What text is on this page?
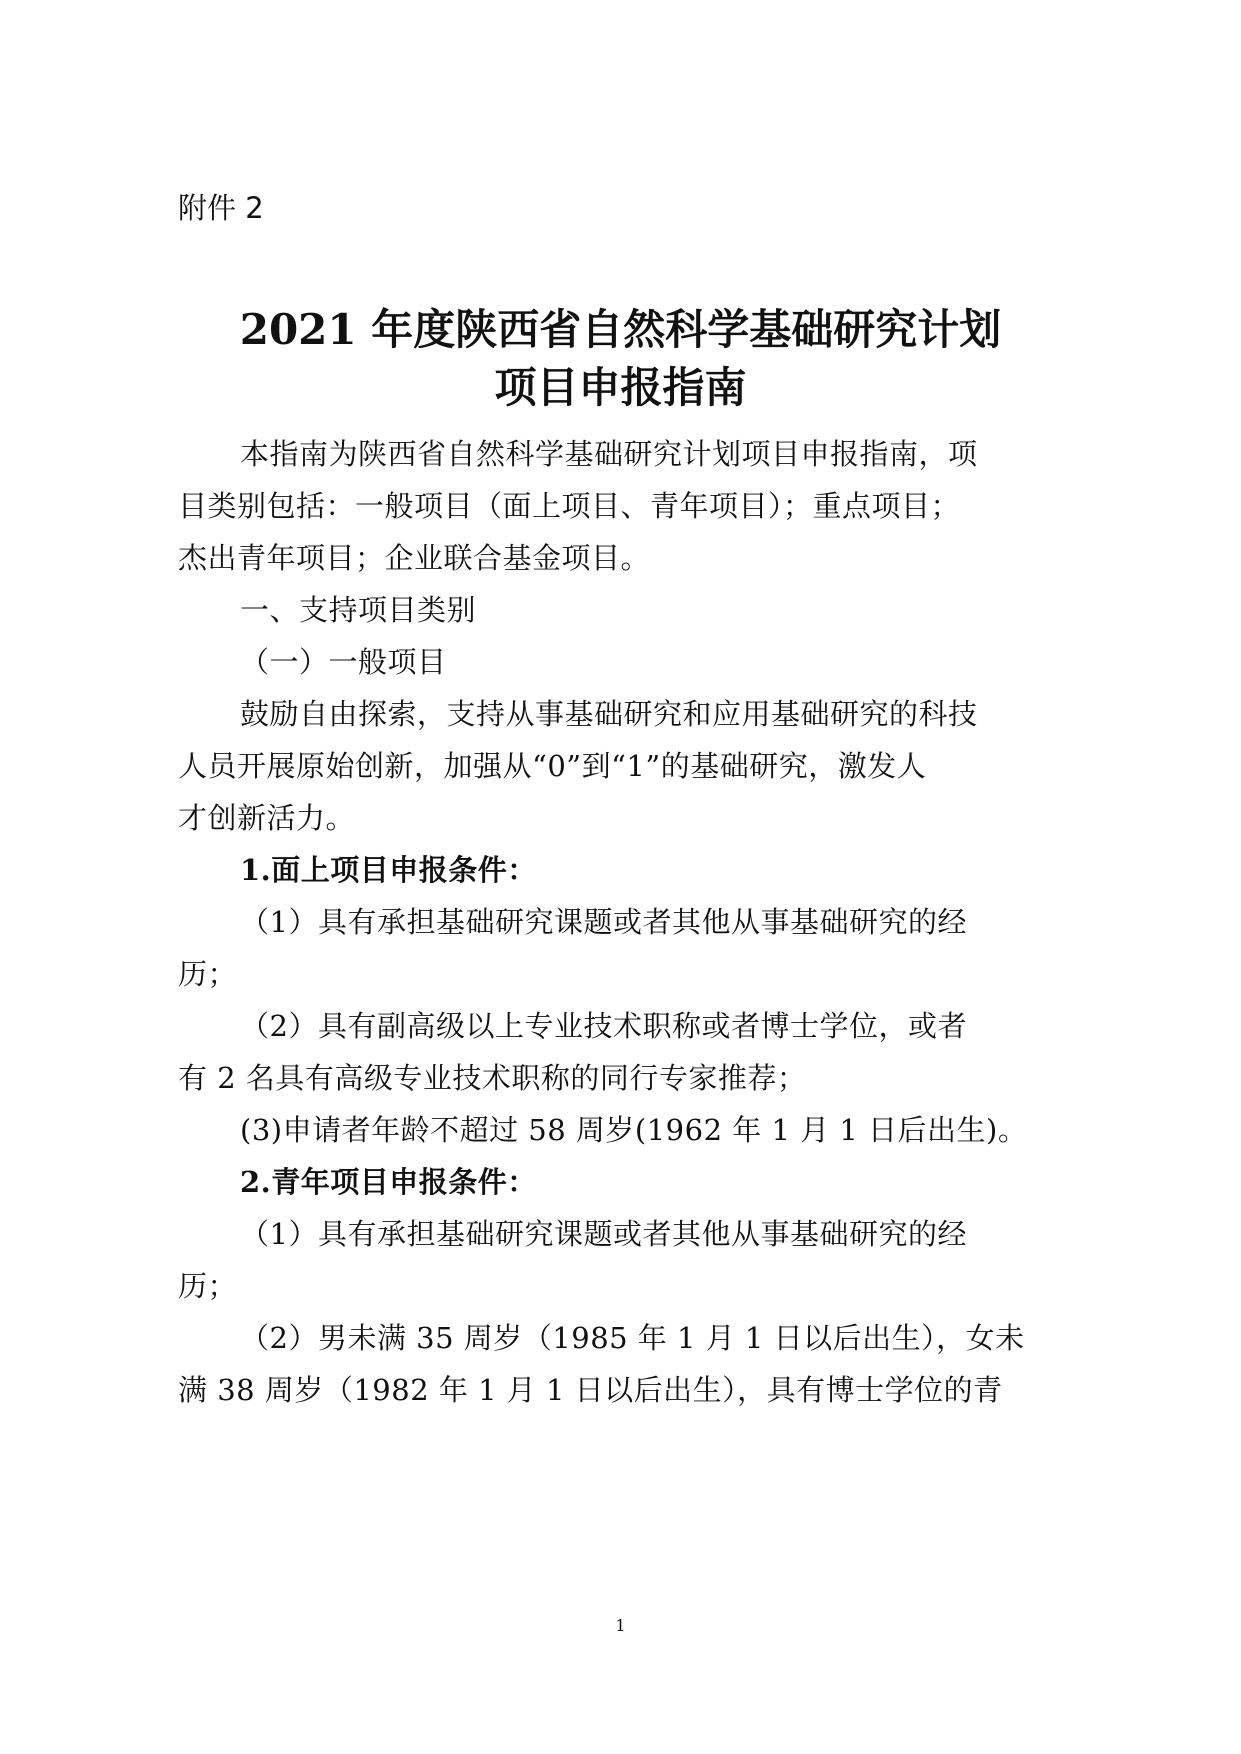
附件 2
2021 年度陕西省自然科学基础研究计划
项目申报指南
本指南为陕西省自然科学基础研究计划项目申报指南，项
目类别包括：一般项目（面上项目、青年项目）；重点项目；
杰出青年项目；企业联合基金项目。
一、支持项目类别
（一）一般项目
鼓励自由探索，支持从事基础研究和应用基础研究的科技
人员开展原始创新，加强从“0”到“1”的基础研究，激发人
才创新活力。
1.面上项目申报条件：
（1）具有承担基础研究课题或者其他从事基础研究的经
历；
（2）具有副高级以上专业技术职称或者博士学位，或者
有 2 名具有高级专业技术职称的同行专家推荐；
(3)申请者年龄不超过 58 周岁(1962 年 1 月 1 日后出生)。
2.青年项目申报条件：
（1）具有承担基础研究课题或者其他从事基础研究的经
历；
（2）男未满 35 周岁（1985 年 1 月 1 日以后出生），女未
满 38 周岁（1982 年 1 月 1 日以后出生），具有博士学位的青
1
